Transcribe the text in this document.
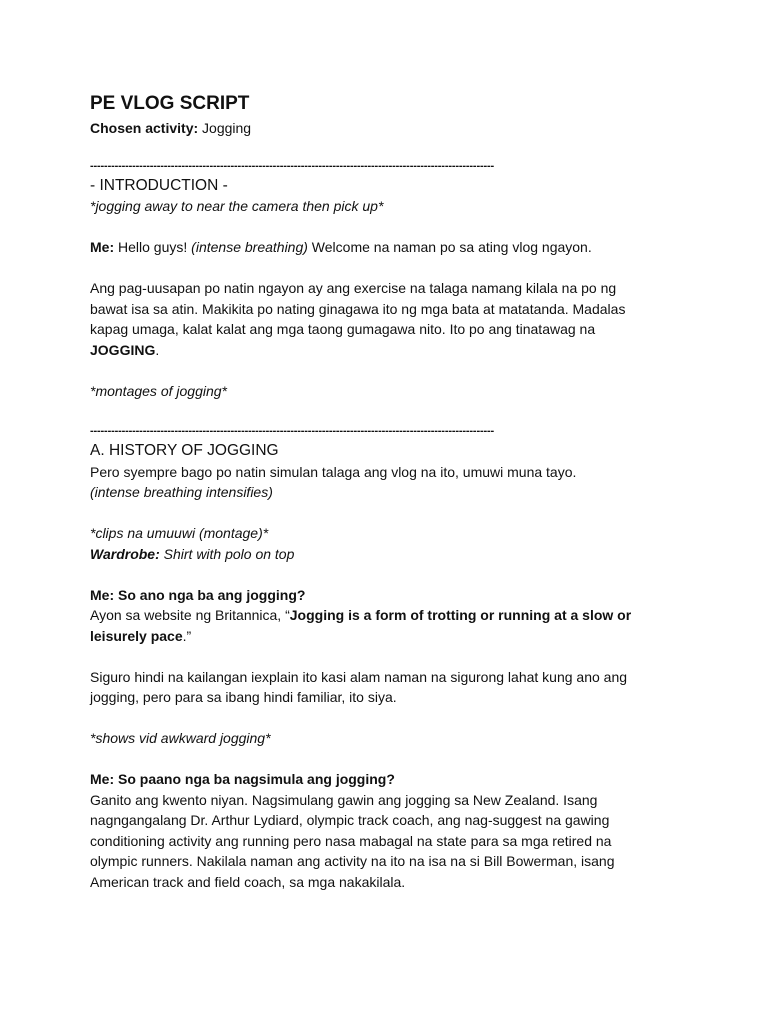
PE VLOG SCRIPT

Chosen activity: Jogging

-------------------------------------------------------------------------------------------------------------------

- INTRODUCTION -

*jogging away to near the camera then pick up*

Me: Hello guys! (intense breathing) Welcome na naman po sa ating vlog ngayon.

Ang pag-uusapan po natin ngayon ay ang exercise na talaga namang kilala na po ng
bawat isa sa atin. Makikita po nating ginagawa ito ng mga bata at matatanda. Madalas
kapag umaga, kalat kalat ang mga taong gumagawa nito. Ito po ang tinatawag na
JOGGING.

*montages of jogging*

-------------------------------------------------------------------------------------------------------------------

A. HISTORY OF JOGGING

Pero syempre bago po natin simulan talaga ang vlog na ito, umuwi muna tayo.

(intense breathing intensifies)

*clips na umuuwi (montage)*

Wardrobe: Shirt with polo on top

Me: So ano nga ba ang jogging?

Ayon sa website ng Britannica, “Jogging is a form of trotting or running at a slow or
leisurely pace.”
Siguro hindi na kailangan iexplain ito kasi alam naman na sigurong lahat kung ano ang
jogging, pero para sa ibang hindi familiar, ito siya.

*shows vid awkward jogging*

Me: So paano nga ba nagsimula ang jogging?

Ganito ang kwento niyan. Nagsimulang gawin ang jogging sa New Zealand. Isang
nagngangalang Dr. Arthur Lydiard, olympic track coach, ang nag-suggest na gawing
conditioning activity ang running pero nasa mabagal na state para sa mga retired na
olympic runners. Nakilala naman ang activity na ito na isa na si Bill Bowerman, isang
American track and field coach, sa mga nakakilala.
